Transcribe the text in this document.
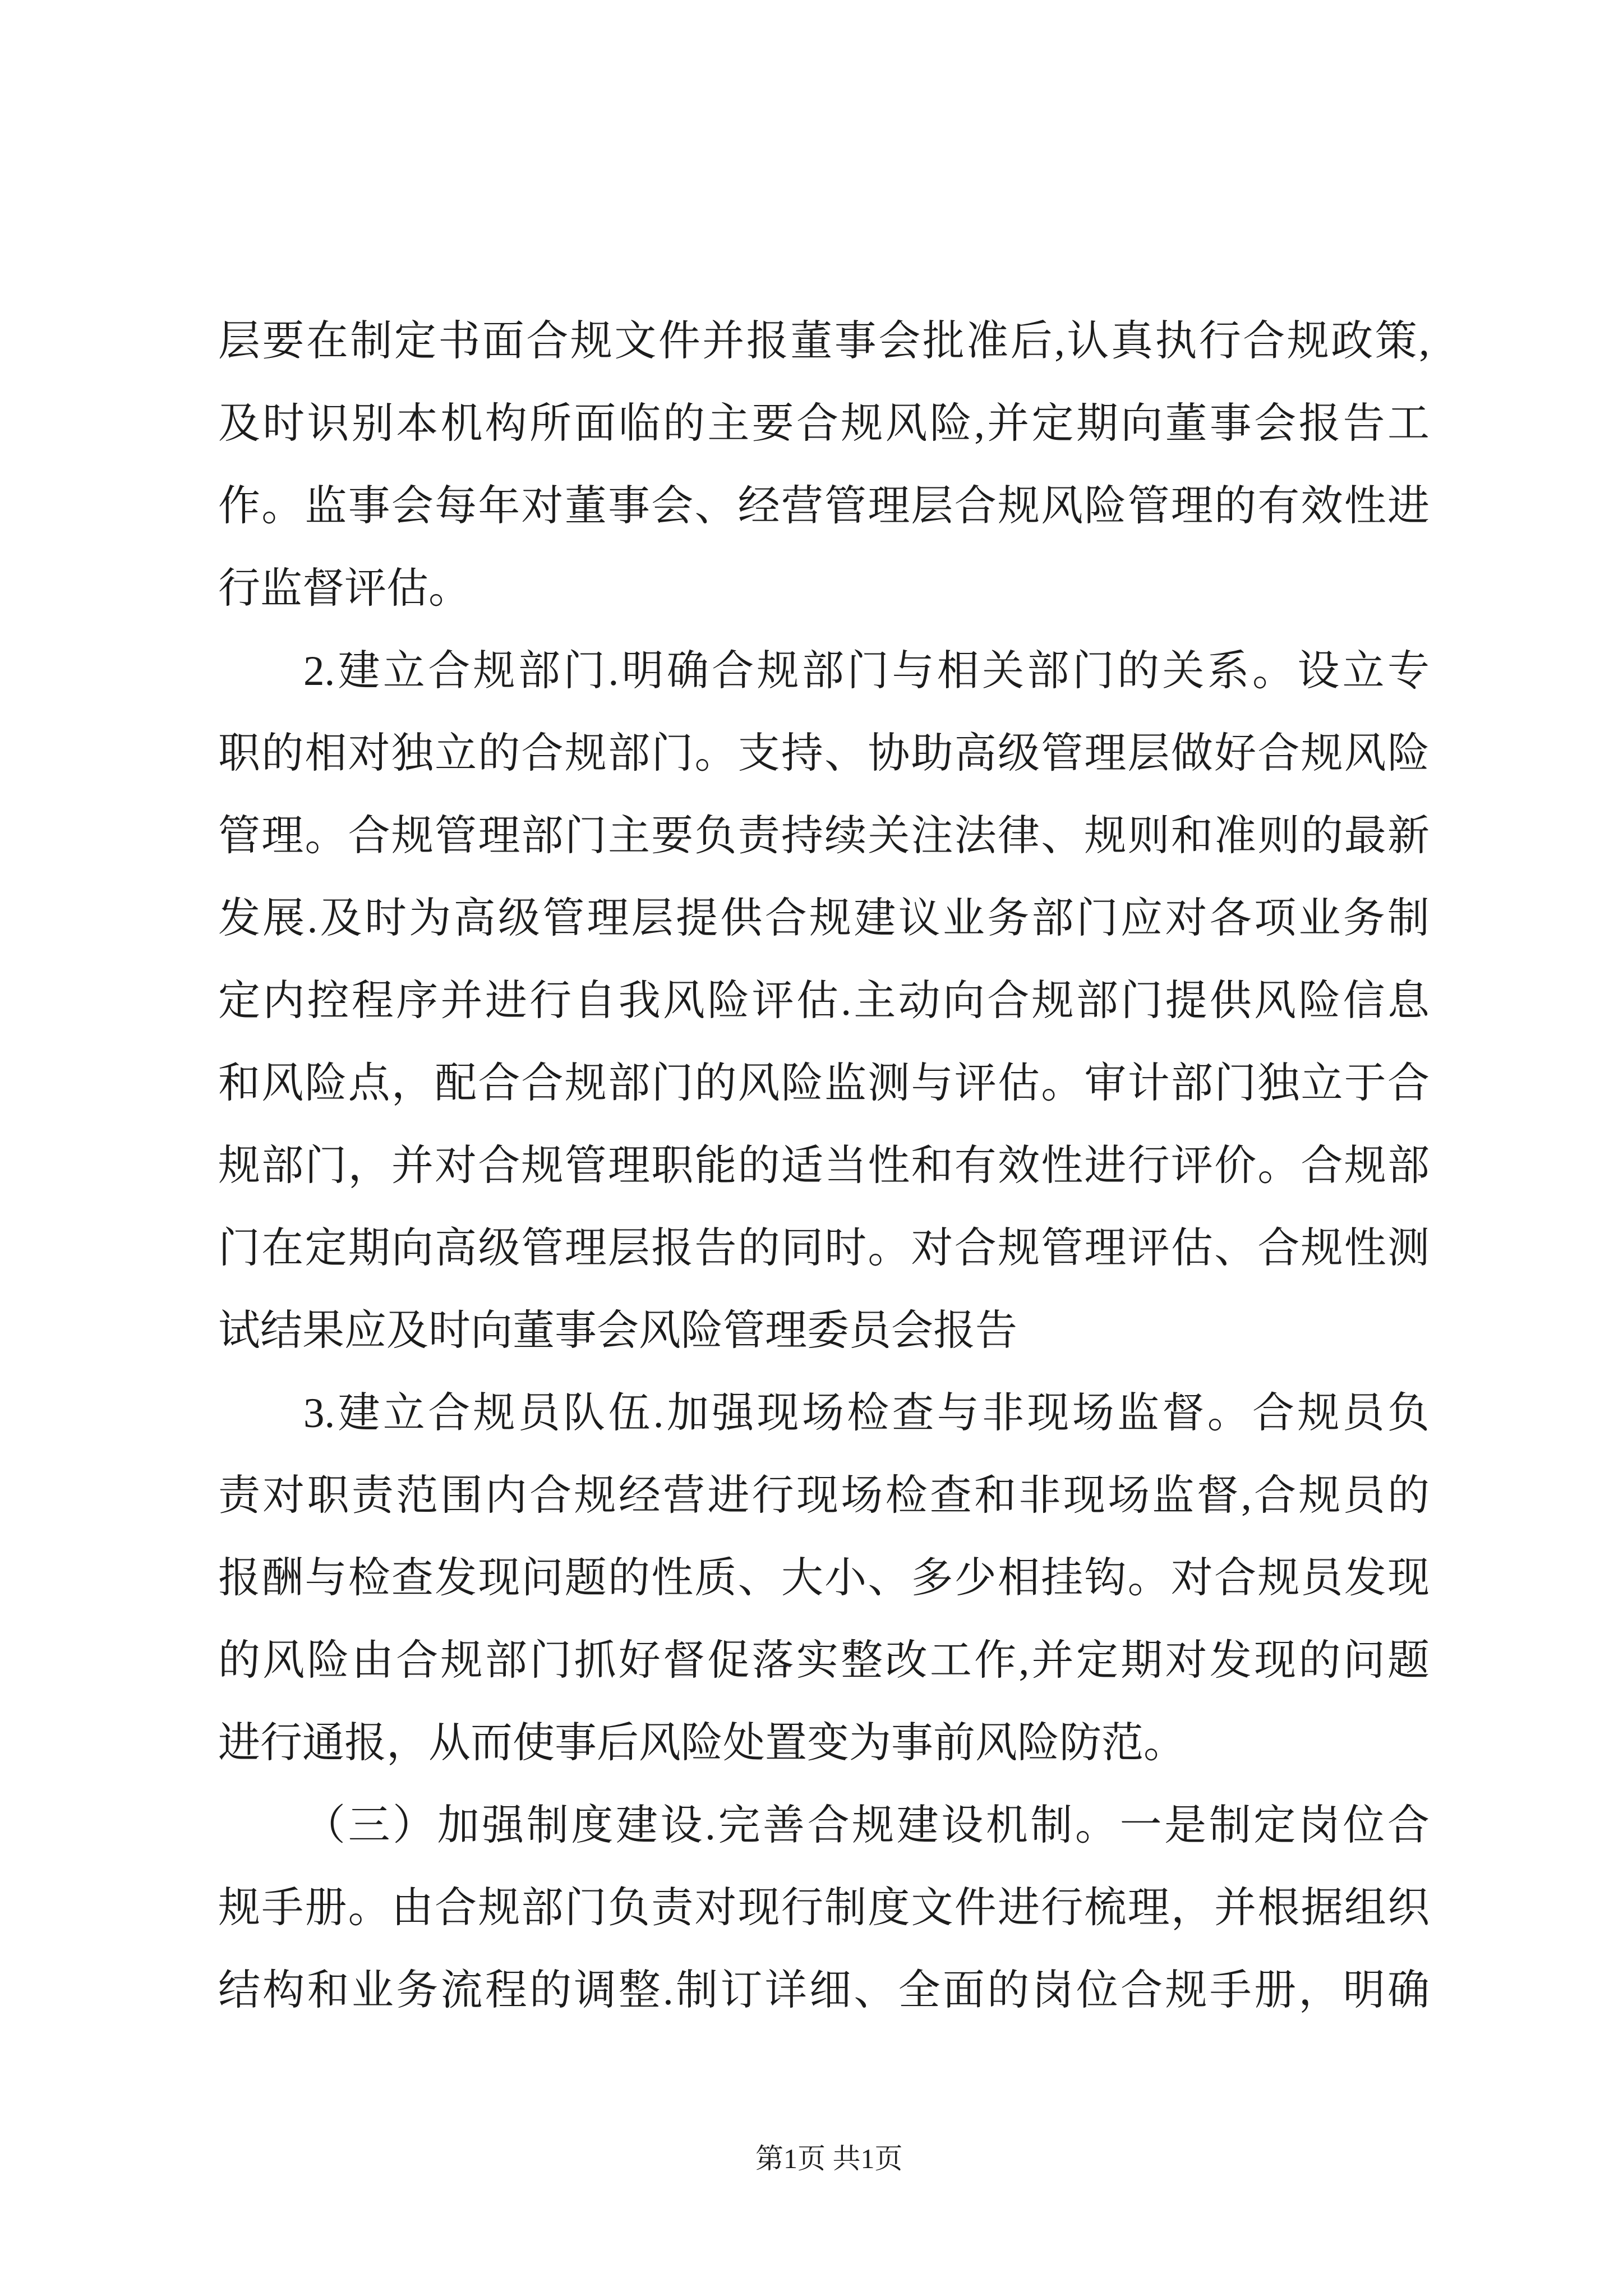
层要在制定书面合规文件并报董事会批准后,认真执行合规政策,
及时识别本机构所面临的主要合规风险,并定期向董事会报告工
作。监事会每年对董事会、经营管理层合规风险管理的有效性进
行监督评估。
2.建立合规部门.明确合规部门与相关部门的关系。设立专
职的相对独立的合规部门。支持、协助高级管理层做好合规风险
管理。合规管理部门主要负责持续关注法律、规则和准则的最新
发展.及时为高级管理层提供合规建议业务部门应对各项业务制
定内控程序并进行自我风险评估.主动向合规部门提供风险信息
和风险点，配合合规部门的风险监测与评估。审计部门独立于合
规部门，并对合规管理职能的适当性和有效性进行评价。合规部
门在定期向高级管理层报告的同时。对合规管理评估、合规性测
试结果应及时向董事会风险管理委员会报告
3.建立合规员队伍.加强现场检查与非现场监督。合规员负
责对职责范围内合规经营进行现场检查和非现场监督,合规员的
报酬与检查发现问题的性质、大小、多少相挂钩。对合规员发现
的风险由合规部门抓好督促落实整改工作,并定期对发现的问题
进行通报，从而使事后风险处置变为事前风险防范。
（三）加强制度建设.完善合规建设机制。一是制定岗位合
规手册。由合规部门负责对现行制度文件进行梳理，并根据组织
结构和业务流程的调整.制订详细、全面的岗位合规手册，明确
第1页 共1页
